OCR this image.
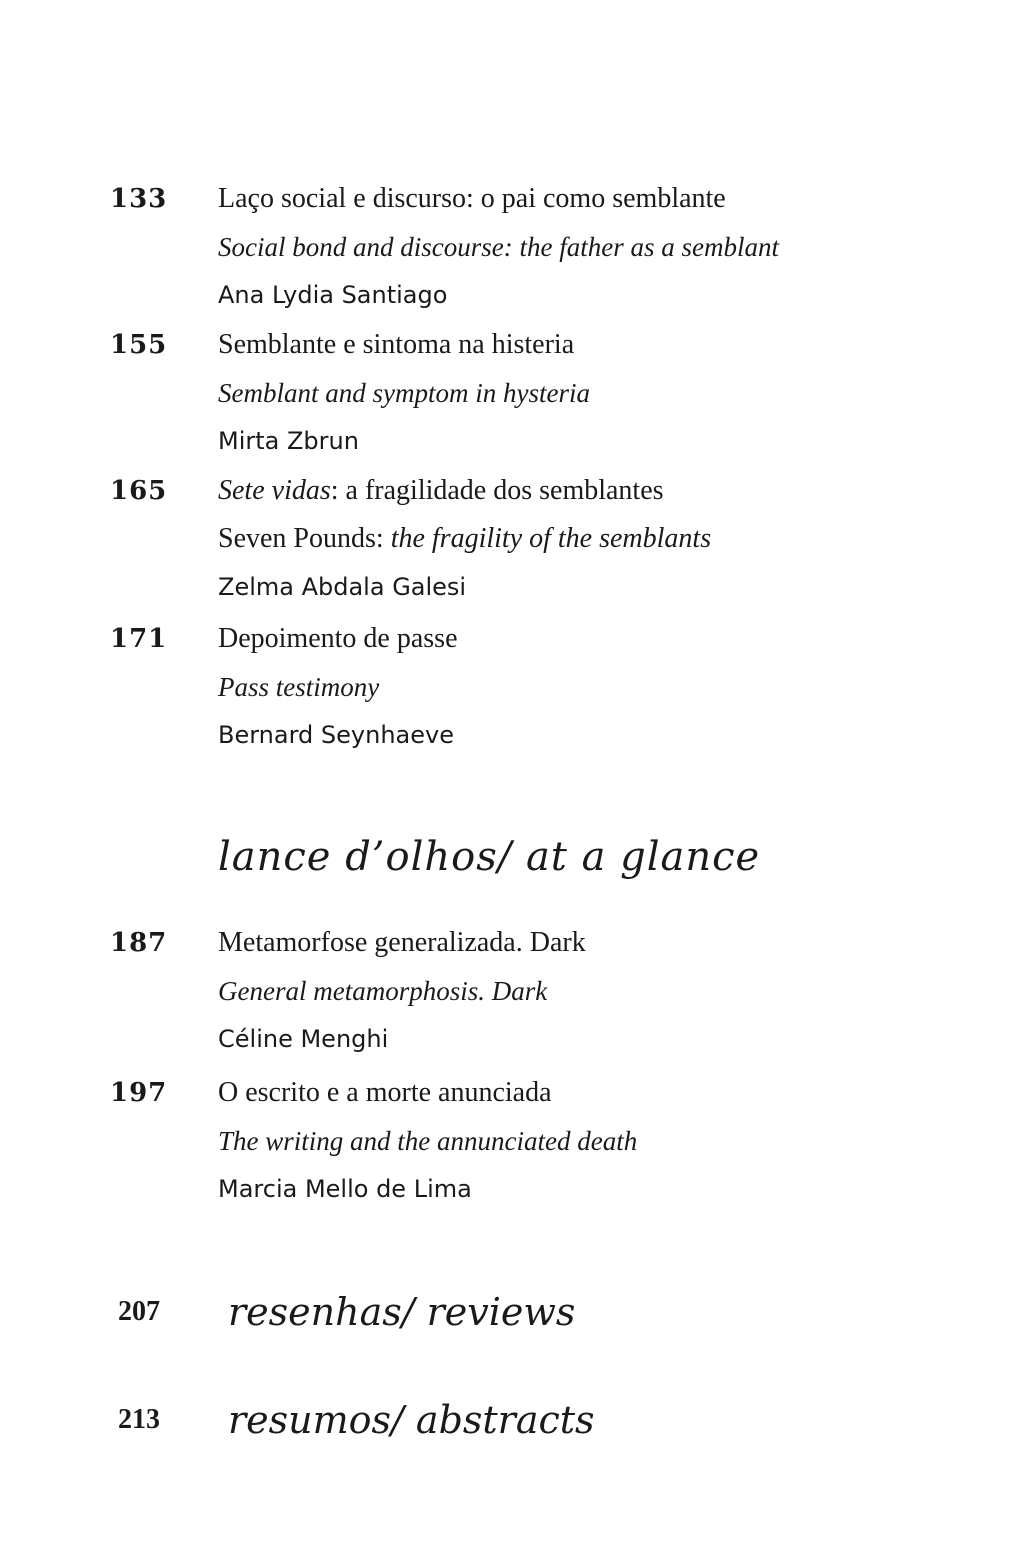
133 Laço social e discurso: o pai como semblante
Social bond and discourse: the father as a semblant
Ana Lydia Santiago
155 Semblante e sintoma na histeria
Semblant and symptom in hysteria
Mirta Zbrun
165 Sete vidas: a fragilidade dos semblantes
Seven Pounds: the fragility of the semblants
Zelma Abdala Galesi
171 Depoimento de passe
Pass testimony
Bernard Seynhaeve
lance d’olhos/ at a glance
187 Metamorfose generalizada. Dark
General metamorphosis. Dark
Céline Menghi
197 O escrito e a morte anunciada
The writing and the annunciated death
Marcia Mello de Lima
207 resenhas/ reviews
213 resumos/ abstracts
